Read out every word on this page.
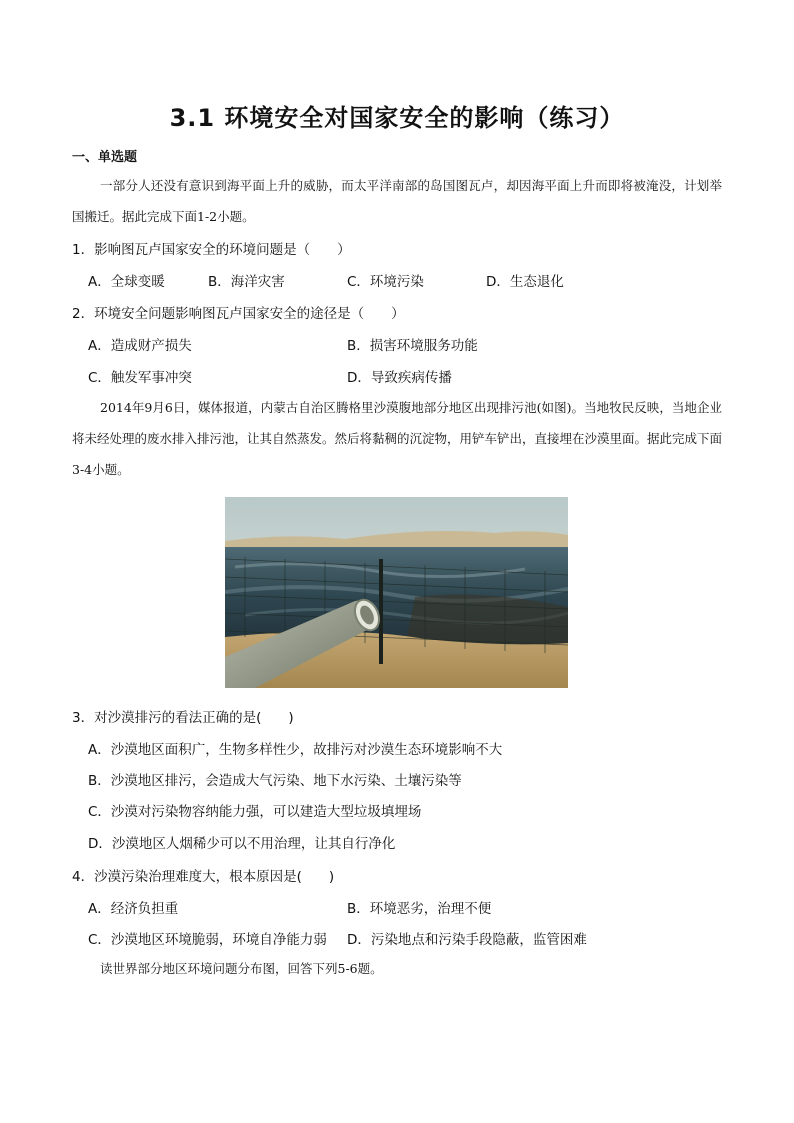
3.1 环境安全对国家安全的影响（练习）

一、单选题

一部分人还没有意识到海平面上升的威胁，而太平洋南部的岛国图瓦卢，却因海平面上升而即将被淹没，计划举国搬迁。据此完成下面1-2小题。

1．影响图瓦卢国家安全的环境问题是（　　）

A．全球变暖	B．海洋灾害	C．环境污染	D．生态退化

2．环境安全问题影响图瓦卢国家安全的途径是（　　）

A．造成财产损失	B．损害环境服务功能

C．触发军事冲突	D．导致疾病传播

2014年9月6日，媒体报道，内蒙古自治区腾格里沙漠腹地部分地区出现排污池(如图)。当地牧民反映，当地企业将未经处理的废水排入排污池，让其自然蒸发。然后将黏稠的沉淀物，用铲车铲出，直接埋在沙漠里面。据此完成下面3-4小题。

3．对沙漠排污的看法正确的是(　　)

A．沙漠地区面积广，生物多样性少，故排污对沙漠生态环境影响不大

B．沙漠地区排污，会造成大气污染、地下水污染、土壤污染等

C．沙漠对污染物容纳能力强，可以建造大型垃圾填埋场

D．沙漠地区人烟稀少可以不用治理，让其自行净化

4．沙漠污染治理难度大，根本原因是(　　)

A．经济负担重	B．环境恶劣，治理不便

C．沙漠地区环境脆弱，环境自净能力弱 D．污染地点和污染手段隐蔽，监管困难

读世界部分地区环境问题分布图，回答下列5-6题。
